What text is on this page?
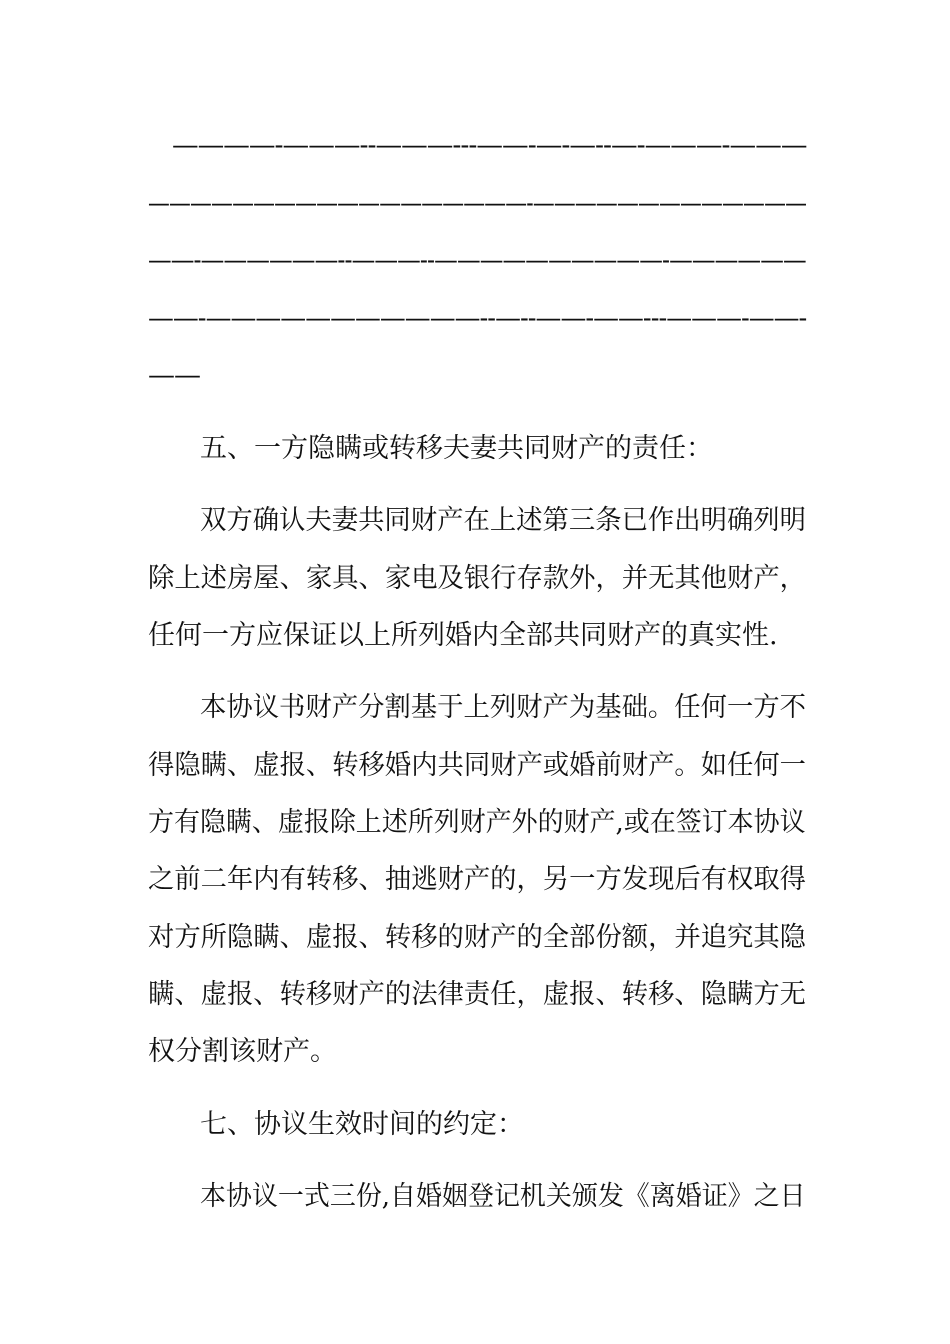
————-———--———---——-—-—--—-———-———
——————————————————-—————————————
——-——————--———--——————————-——————
——-———————————--—--——-——---———-——-
——
五、一方隐瞒或转移夫妻共同财产的责任：
双方确认夫妻共同财产在上述第三条已作出明确列明
除上述房屋、家具、家电及银行存款外，并无其他财产，
任何一方应保证以上所列婚内全部共同财产的真实性.
本协议书财产分割基于上列财产为基础。任何一方不
得隐瞒、虚报、转移婚内共同财产或婚前财产。如任何一
方有隐瞒、虚报除上述所列财产外的财产,或在签订本协议
之前二年内有转移、抽逃财产的，另一方发现后有权取得
对方所隐瞒、虚报、转移的财产的全部份额，并追究其隐
瞒、虚报、转移财产的法律责任，虚报、转移、隐瞒方无
权分割该财产。
七、协议生效时间的约定：
本协议一式三份,自婚姻登记机关颁发《离婚证》之日
